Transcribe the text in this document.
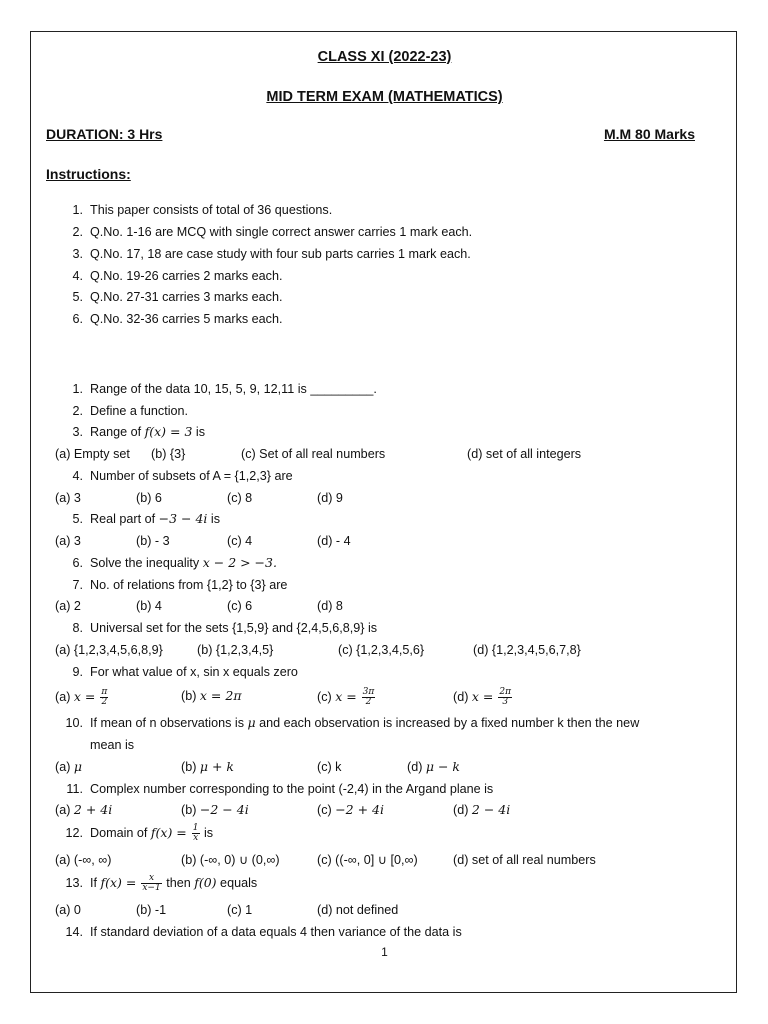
CLASS XI (2022-23)
MID TERM EXAM (MATHEMATICS)
DURATION: 3 Hrs	M.M 80 Marks
Instructions:
1. This paper consists of total of 36 questions.
2. Q.No. 1-16 are MCQ with single correct answer carries 1 mark each.
3. Q.No. 17, 18 are case study with four sub parts carries 1 mark each.
4. Q.No. 19-26 carries 2 marks each.
5. Q.No. 27-31 carries 3 marks each.
6. Q.No. 32-36 carries 5 marks each.
1. Range of the data 10, 15, 5, 9, 12,11 is _________.
2. Define a function.
3. Range of f(x) = 3 is
(a) Empty set (b) {3}	(c) Set of all real numbers	(d) set of all integers
4. Number of subsets of A = {1,2,3} are
(a) 3	(b) 6	(c) 8	(d) 9
5. Real part of −3 − 4i is
(a) 3	(b) - 3	(c) 4	(d) - 4
6. Solve the inequality x − 2 > −3.
7. No. of relations from {1,2} to {3} are
(a) 2	(b) 4	(c) 6	(d) 8
8. Universal set for the sets {1,5,9} and {2,4,5,6,8,9} is
(a) {1,2,3,4,5,6,8,9}	(b) {1,2,3,4,5}	(c) {1,2,3,4,5,6}	(d) {1,2,3,4,5,6,7,8}
9. For what value of x, sin x equals zero
(a) $x = \frac{\pi}{2}$	(b) x = 2π	(c) $x = \frac{3\pi}{2}$	(d) $x = \frac{2\pi}{3}$
10. If mean of n observations is μ and each observation is increased by a fixed number k then the new
mean is
(a) μ	(b) μ + k	(c) k	(d) μ − k
11. Complex number corresponding to the point (-2,4) in the Argand plane is
(a) 2 + 4i	(b) −2 − 4i	(c) −2 + 4i	(d) 2 − 4i
12. Domain of $f(x) = \frac{1}{x}$ is
(a) (-∞, ∞)	(b) (-∞, 0) ∪ (0,∞)	(c) ((-∞, 0] ∪ [0,∞)	(d) set of all real numbers
13. If $f(x) = \frac{x}{x-1}$ then f(0) equals
(a) 0	(b) -1	(c) 1	(d) not defined
14. If standard deviation of a data equals 4 then variance of the data is
1
